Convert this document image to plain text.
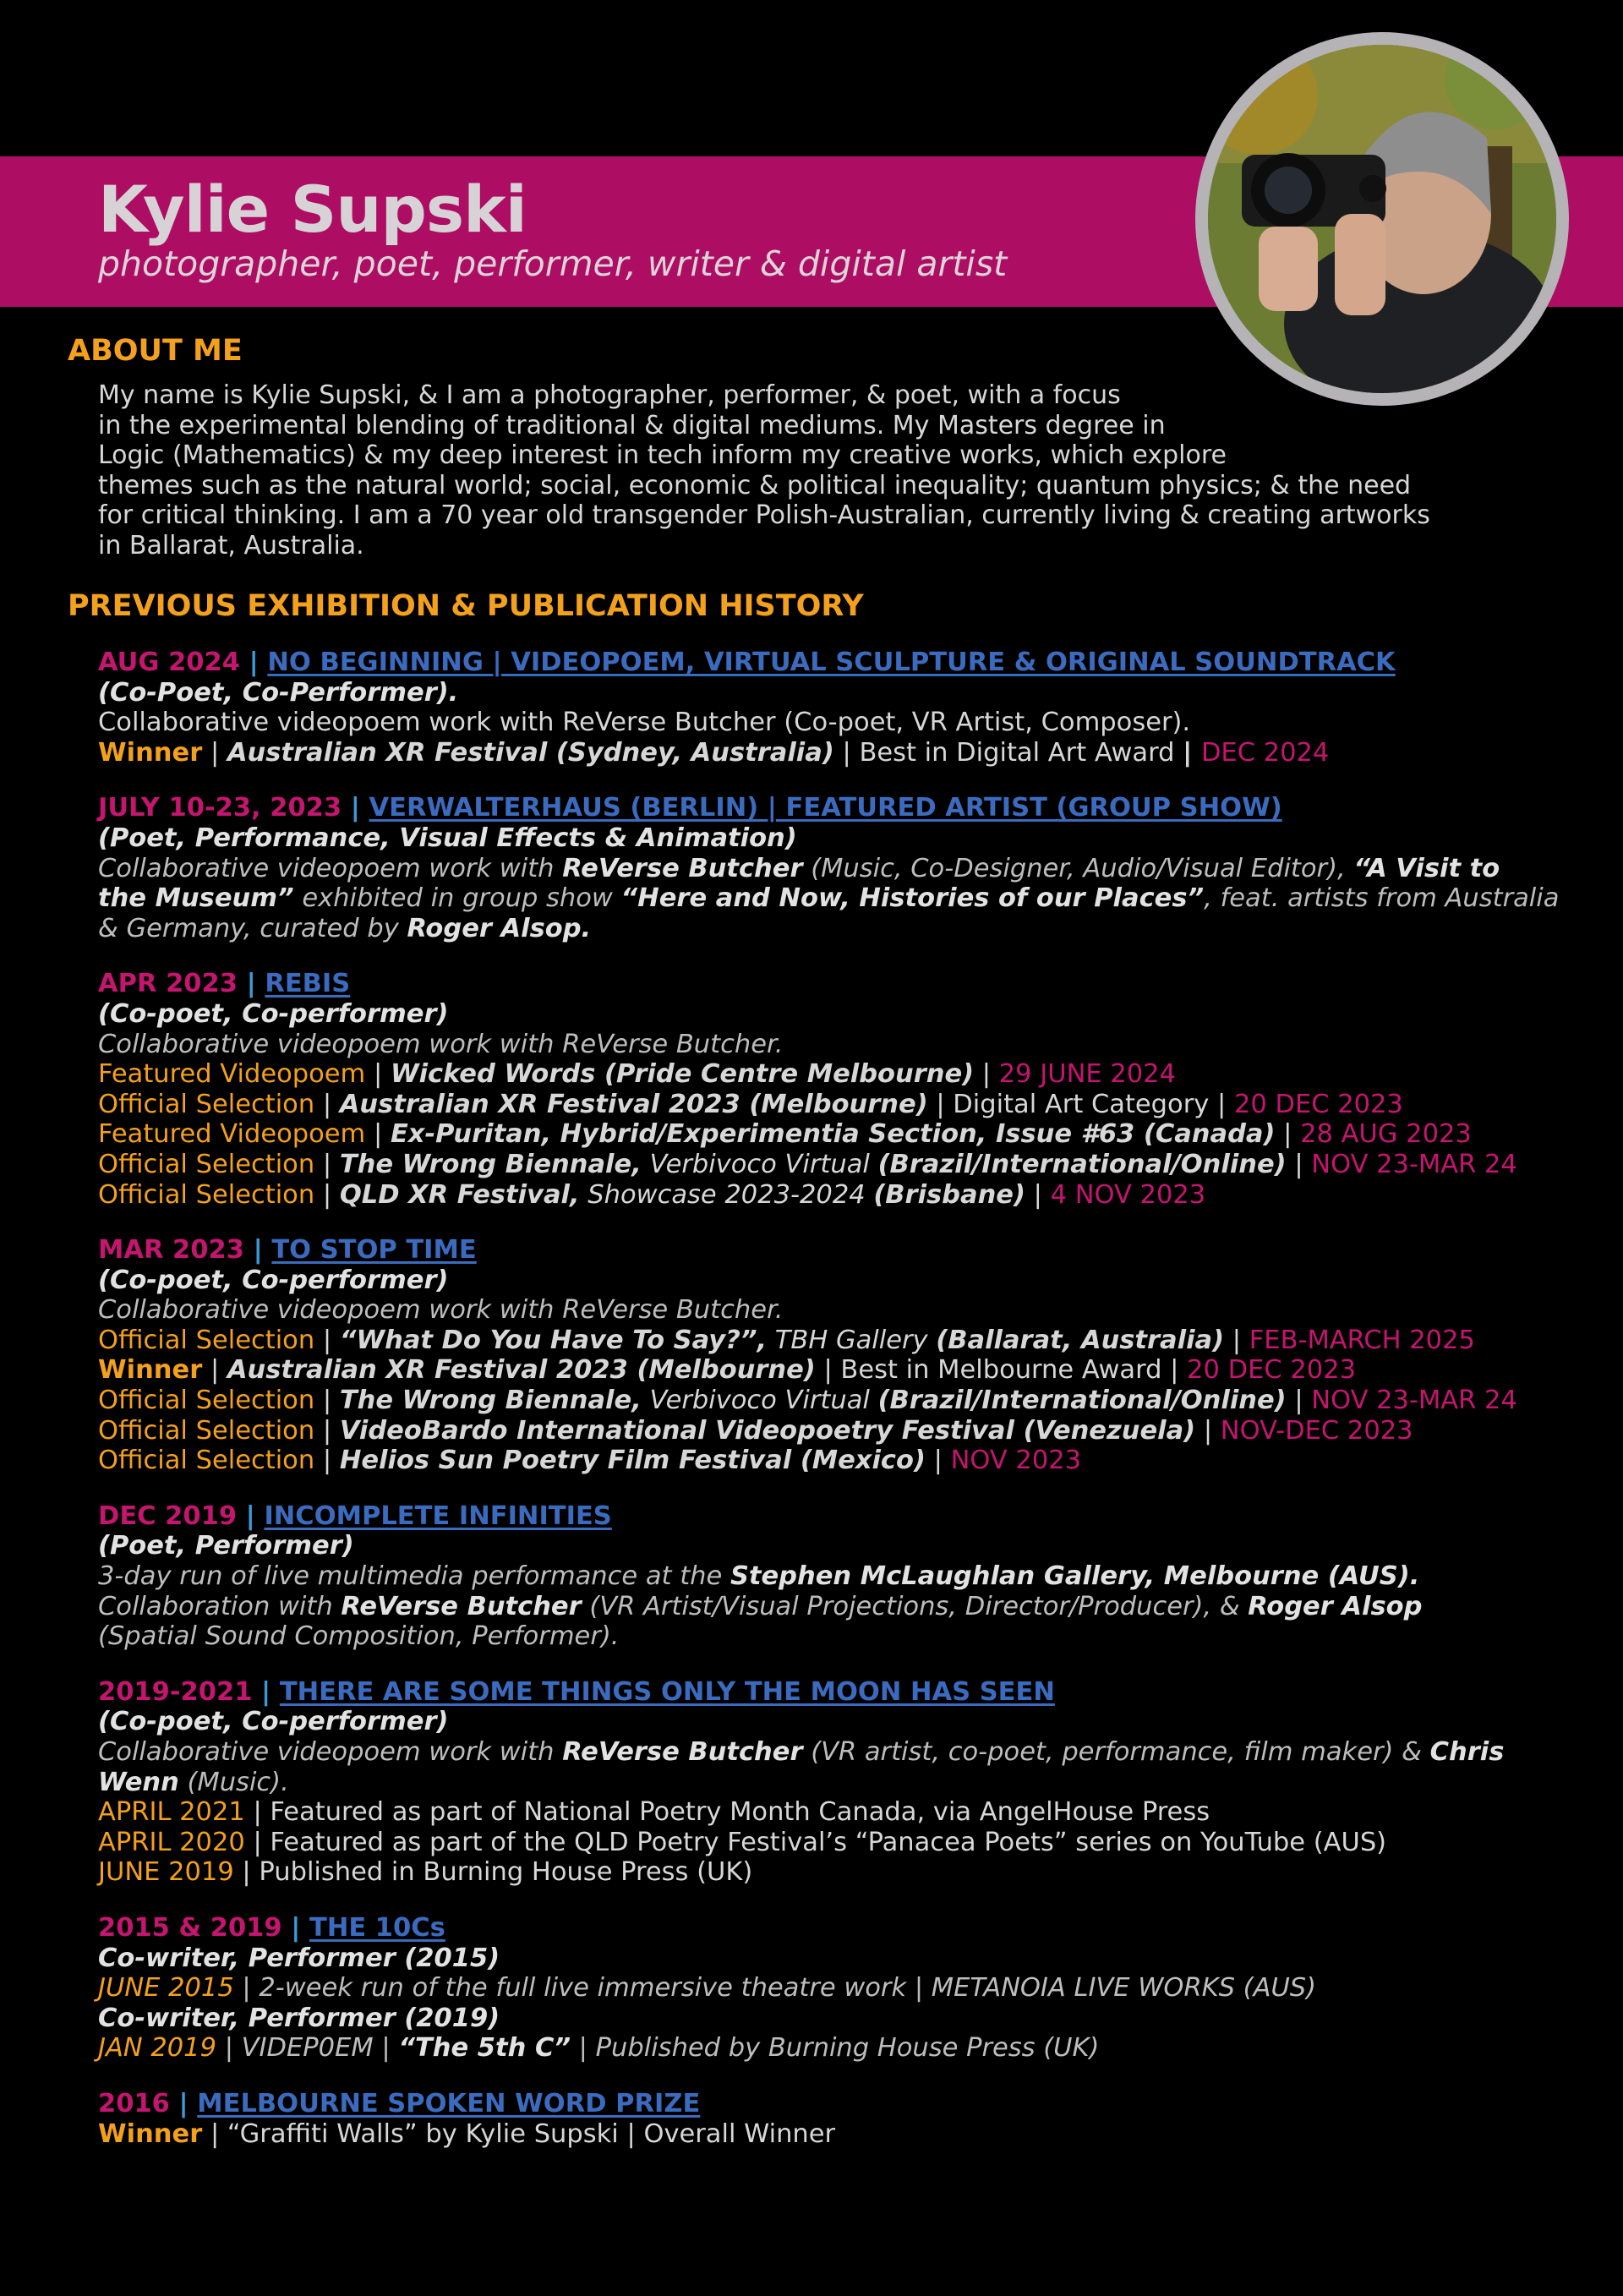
Kylie Supski
photographer, poet, performer, writer & digital artist
ABOUT ME
My name is Kylie Supski, & I am a photographer, performer, & poet, with a focus
in the experimental blending of traditional & digital mediums. My Masters degree in
Logic (Mathematics) & my deep interest in tech inform my creative works, which explore
themes such as the natural world; social, economic & political inequality; quantum physics; & the need
for critical thinking. I am a 70 year old transgender Polish-Australian, currently living & creating artworks
in Ballarat, Australia.
PREVIOUS EXHIBITION & PUBLICATION HISTORY
AUG 2024 | NO BEGINNING | VIDEOPOEM, VIRTUAL SCULPTURE & ORIGINAL SOUNDTRACK
(Co-Poet, Co-Performer).
Collaborative videopoem work with ReVerse Butcher (Co-poet, VR Artist, Composer).
Winner | Australian XR Festival (Sydney, Australia) | Best in Digital Art Award | DEC 2024
JULY 10-23, 2023 | VERWALTERHAUS (BERLIN) | FEATURED ARTIST (GROUP SHOW)
(Poet, Performance, Visual Effects & Animation)
Collaborative videopoem work with ReVerse Butcher (Music, Co-Designer, Audio/Visual Editor), “A Visit to
the Museum” exhibited in group show “Here and Now, Histories of our Places”, feat. artists from Australia
& Germany, curated by Roger Alsop.
APR 2023 | REBIS
(Co-poet, Co-performer)
Collaborative videopoem work with ReVerse Butcher.
Featured Videopoem | Wicked Words (Pride Centre Melbourne) | 29 JUNE 2024
Official Selection | Australian XR Festival 2023 (Melbourne) | Digital Art Category | 20 DEC 2023
Featured Videopoem | Ex-Puritan, Hybrid/Experimentia Section, Issue #63 (Canada) | 28 AUG 2023
Official Selection | The Wrong Biennale, Verbivoco Virtual (Brazil/International/Online) | NOV 23-MAR 24
Official Selection | QLD XR Festival, Showcase 2023-2024 (Brisbane) | 4 NOV 2023
MAR 2023 | TO STOP TIME
(Co-poet, Co-performer)
Collaborative videopoem work with ReVerse Butcher.
Official Selection | “What Do You Have To Say?”, TBH Gallery (Ballarat, Australia) | FEB-MARCH 2025
Winner | Australian XR Festival 2023 (Melbourne) | Best in Melbourne Award | 20 DEC 2023
Official Selection | The Wrong Biennale, Verbivoco Virtual (Brazil/International/Online) | NOV 23-MAR 24
Official Selection | VideoBardo International Videopoetry Festival (Venezuela) | NOV-DEC 2023
Official Selection | Helios Sun Poetry Film Festival (Mexico) | NOV 2023
DEC 2019 | INCOMPLETE INFINITIES
(Poet, Performer)
3-day run of live multimedia performance at the Stephen McLaughlan Gallery, Melbourne (AUS).
Collaboration with ReVerse Butcher (VR Artist/Visual Projections, Director/Producer), & Roger Alsop
(Spatial Sound Composition, Performer).
2019-2021 | THERE ARE SOME THINGS ONLY THE MOON HAS SEEN
(Co-poet, Co-performer)
Collaborative videopoem work with ReVerse Butcher (VR artist, co-poet, performance, film maker) & Chris
Wenn (Music).
APRIL 2021 | Featured as part of National Poetry Month Canada, via AngelHouse Press
APRIL 2020 | Featured as part of the QLD Poetry Festival’s “Panacea Poets” series on YouTube (AUS)
JUNE 2019 | Published in Burning House Press (UK)
2015 & 2019 | THE 10Cs
Co-writer, Performer (2015)
JUNE 2015 | 2-week run of the full live immersive theatre work | METANOIA LIVE WORKS (AUS)
Co-writer, Performer (2019)
JAN 2019 | VIDEP0EM | “The 5th C” | Published by Burning House Press (UK)
2016 | MELBOURNE SPOKEN WORD PRIZE
Winner | “Graffiti Walls” by Kylie Supski | Overall Winner
